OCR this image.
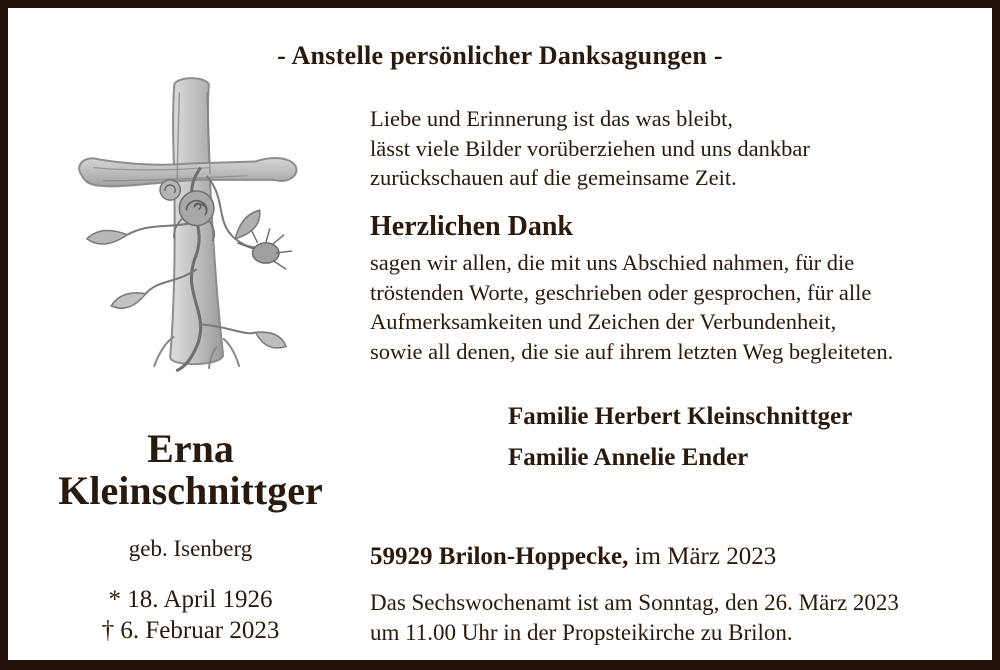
- Anstelle persönlicher Danksagungen -
Erna
Kleinschnittger
geb. Isenberg
* 18. April 1926
† 6. Februar 2023
Liebe und Erinnerung ist das was bleibt,
lässt viele Bilder vorüberziehen und uns dankbar
zurückschauen auf die gemeinsame Zeit.
Herzlichen Dank
sagen wir allen, die mit uns Abschied nahmen, für die
tröstenden Worte, geschrieben oder gesprochen, für alle
Aufmerksamkeiten und Zeichen der Verbundenheit,
sowie all denen, die sie auf ihrem letzten Weg begleiteten.
Familie Herbert Kleinschnittger
Familie Annelie Ender
59929 Brilon-Hoppecke, im März 2023
Das Sechswochenamt ist am Sonntag, den 26. März 2023
um 11.00 Uhr in der Propsteikirche zu Brilon.
